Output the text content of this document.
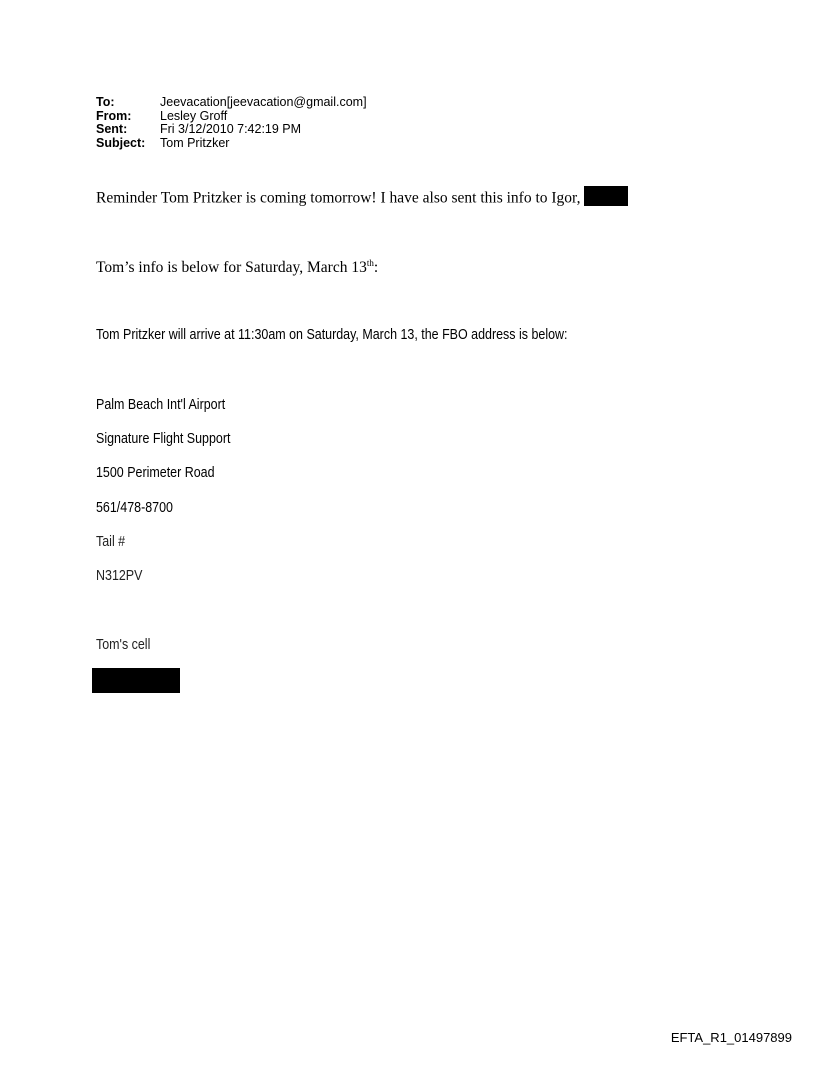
To:	Jeevacation[jeevacation@gmail.com]
From:	Lesley Groff
Sent:	Fri 3/12/2010 7:42:19 PM
Subject:	Tom Pritzker
Reminder Tom Pritzker is coming tomorrow! I have also sent this info to Igor,
Tom’s info is below for Saturday, March 13th:
Tom Pritzker will arrive at 11:30am on Saturday, March 13, the FBO address is below:
Palm Beach Int'l Airport
Signature Flight Support
1500 Perimeter Road
561/478-8700
Tail #
N312PV
Tom's cell
EFTA_R1_01497899
